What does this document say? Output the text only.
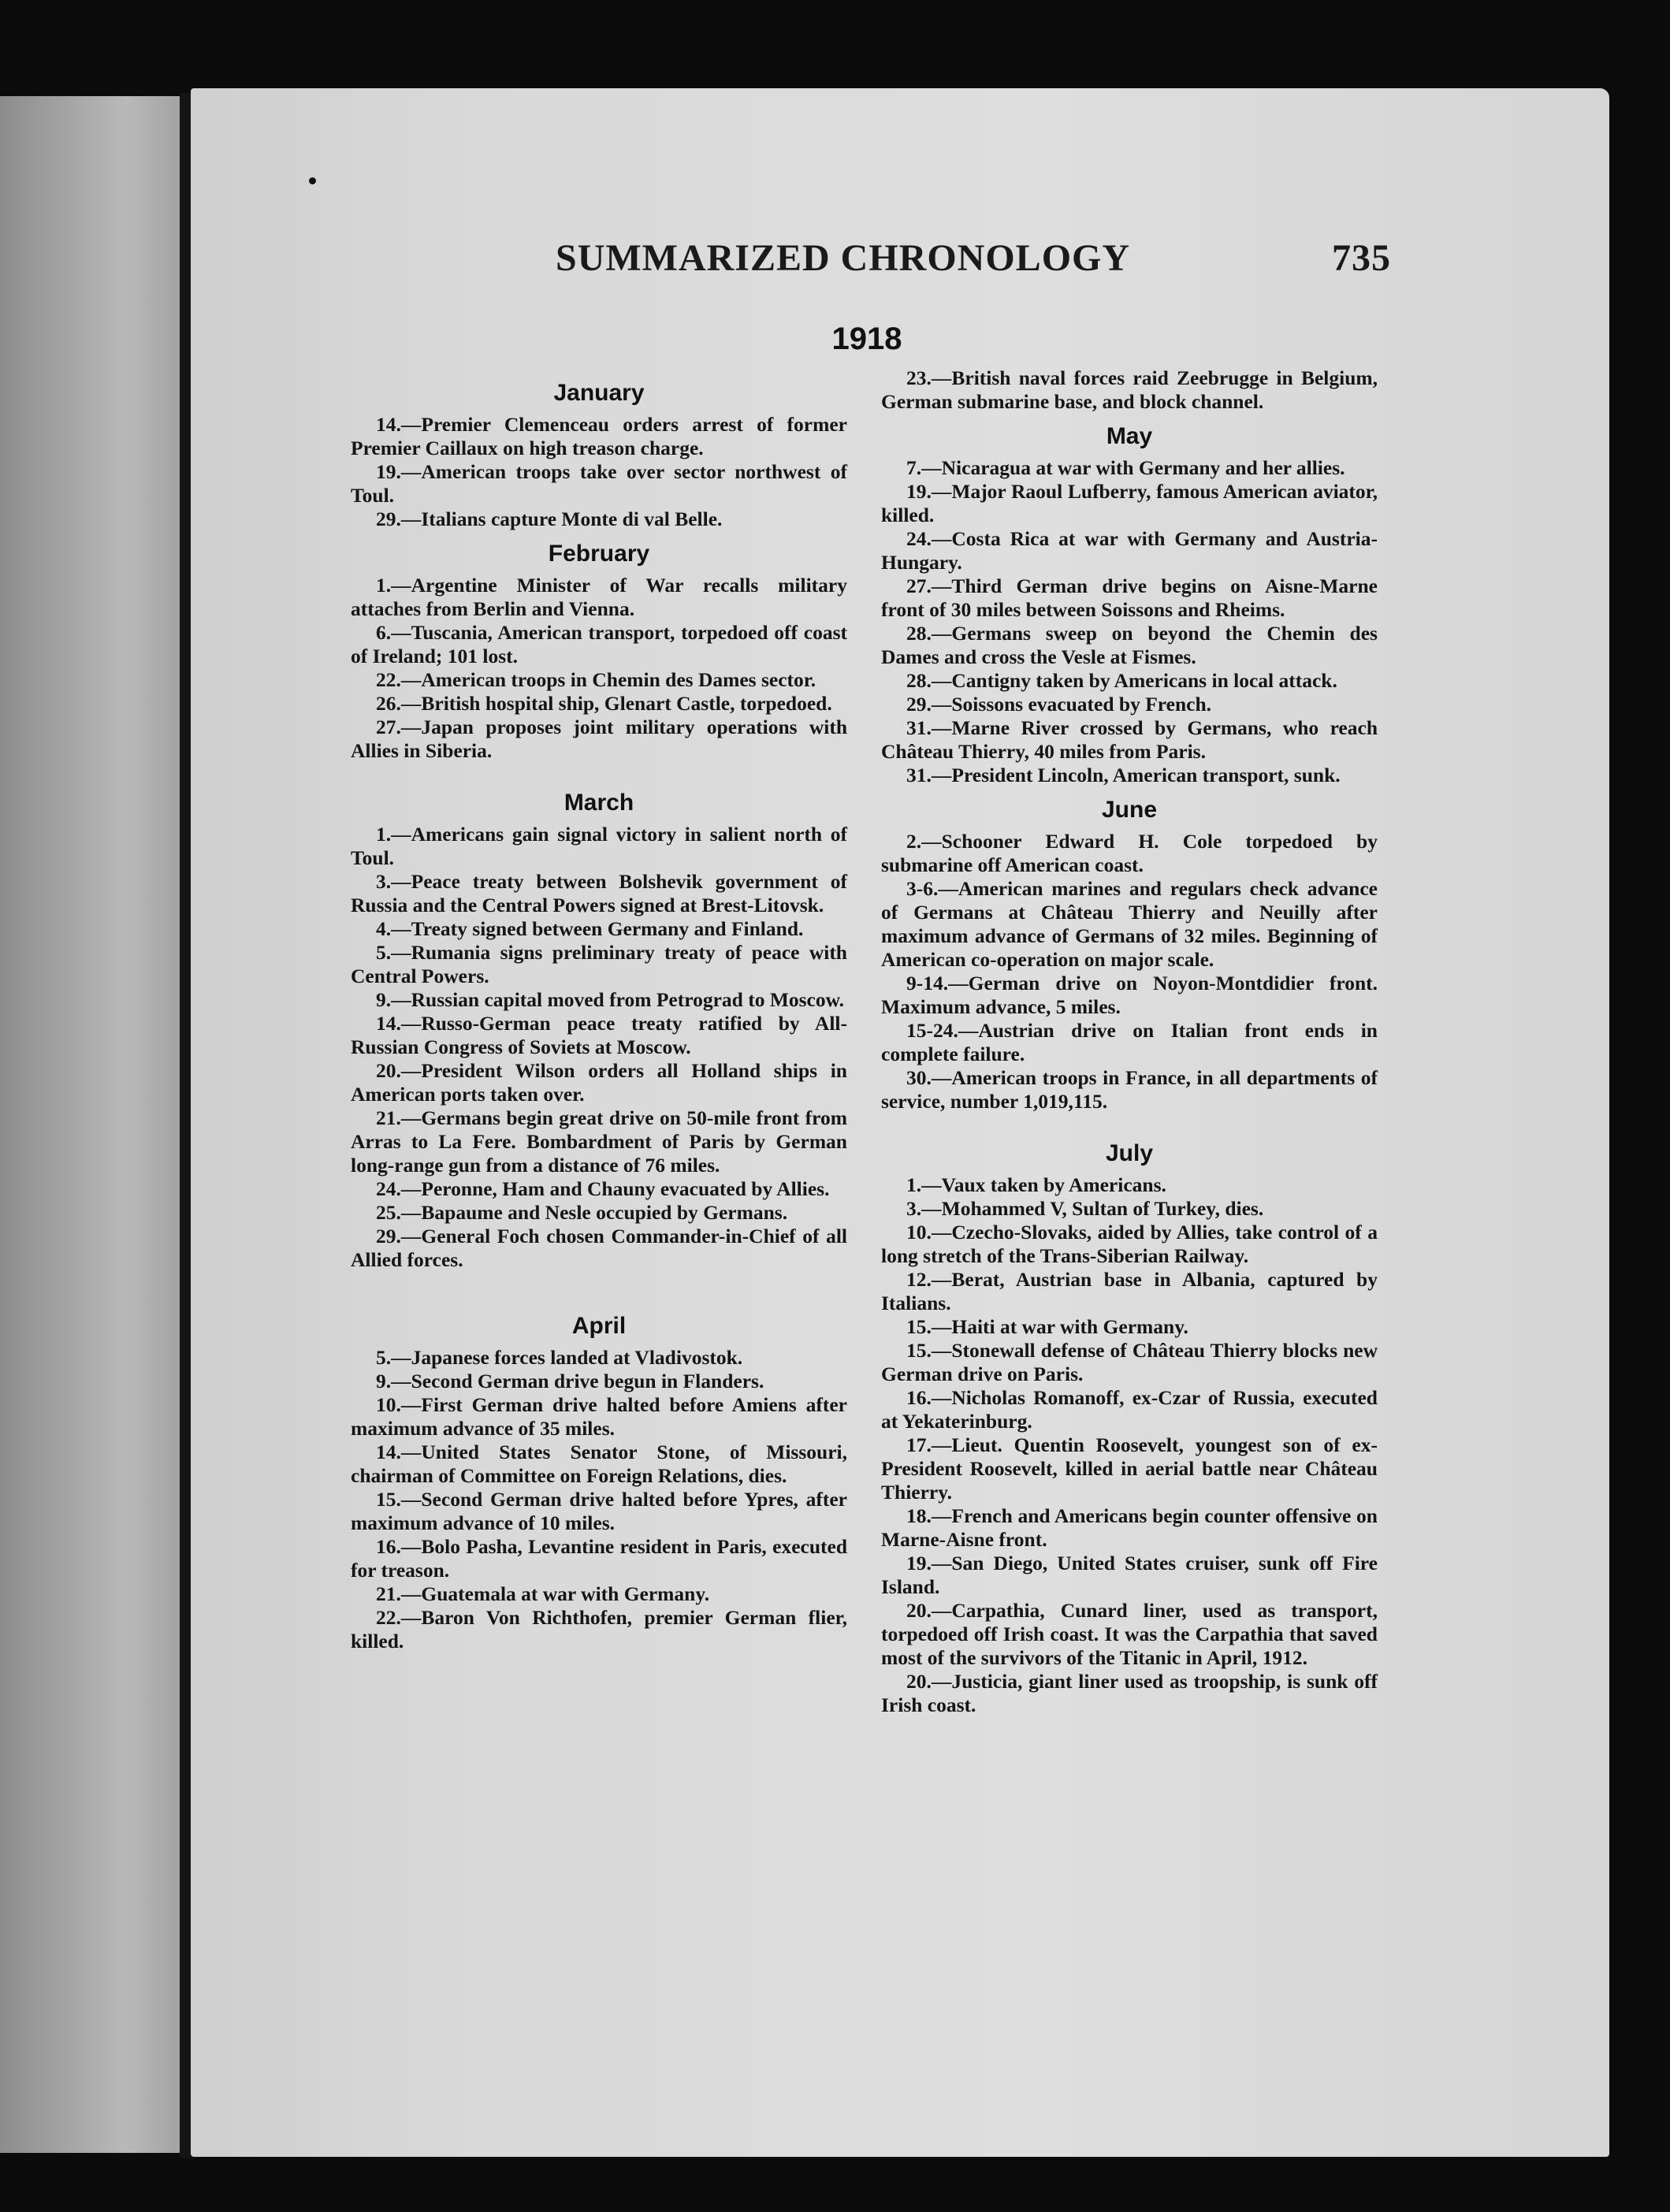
SUMMARIZED CHRONOLOGY	735
1918
January

14.—Premier Clemenceau orders arrest of former Premier Caillaux on high treason charge.

19.—American troops take over sector northwest of Toul.

29.—Italians capture Monte di val Belle.

February

1.—Argentine Minister of War recalls military attaches from Berlin and Vienna.

6.—Tuscania, American transport, torpedoed off coast of Ireland; 101 lost.

22.—American troops in Chemin des Dames sector.

26.—British hospital ship, Glenart Castle, torpedoed.

27.—Japan proposes joint military operations with Allies in Siberia.

March

1.—Americans gain signal victory in salient north of Toul.

3.—Peace treaty between Bolshevik government of Russia and the Central Powers signed at Brest-Litovsk.

4.—Treaty signed between Germany and Finland.

5.—Rumania signs preliminary treaty of peace with Central Powers.

9.—Russian capital moved from Petrograd to Moscow.

14.—Russo-German peace treaty ratified by All-Russian Congress of Soviets at Moscow.

20.—President Wilson orders all Holland ships in American ports taken over.

21.—Germans begin great drive on 50-mile front from Arras to La Fere. Bombardment of Paris by German long-range gun from a distance of 76 miles.

24.—Peronne, Ham and Chauny evacuated by Allies.

25.—Bapaume and Nesle occupied by Germans.

29.—General Foch chosen Commander-in-Chief of all Allied forces.

April

5.—Japanese forces landed at Vladivostok.

9.—Second German drive begun in Flanders.

10.—First German drive halted before Amiens after maximum advance of 35 miles.

14.—United States Senator Stone, of Missouri, chairman of Committee on Foreign Relations, dies.

15.—Second German drive halted before Ypres, after maximum advance of 10 miles.

16.—Bolo Pasha, Levantine resident in Paris, executed for treason.

21.—Guatemala at war with Germany.

22.—Baron Von Richthofen, premier German flier, killed.

23.—British naval forces raid Zeebrugge in Belgium, German submarine base, and block channel.

May

7.—Nicaragua at war with Germany and her allies.

19.—Major Raoul Lufberry, famous American aviator, killed.

24.—Costa Rica at war with Germany and Austria-Hungary.

27.—Third German drive begins on Aisne-Marne front of 30 miles between Soissons and Rheims.

28.—Germans sweep on beyond the Chemin des Dames and cross the Vesle at Fismes.

28.—Cantigny taken by Americans in local attack.

29.—Soissons evacuated by French.

31.—Marne River crossed by Germans, who reach Château Thierry, 40 miles from Paris.

31.—President Lincoln, American transport, sunk.

June

2.—Schooner Edward H. Cole torpedoed by submarine off American coast.

3-6.—American marines and regulars check advance of Germans at Château Thierry and Neuilly after maximum advance of Germans of 32 miles. Beginning of American co-operation on major scale.

9-14.—German drive on Noyon-Montdidier front. Maximum advance, 5 miles.

15-24.—Austrian drive on Italian front ends in complete failure.

30.—American troops in France, in all departments of service, number 1,019,115.

July

1.—Vaux taken by Americans.

3.—Mohammed V, Sultan of Turkey, dies.

10.—Czecho-Slovaks, aided by Allies, take control of a long stretch of the Trans-Siberian Railway.

12.—Berat, Austrian base in Albania, captured by Italians.

15.—Haiti at war with Germany.

15.—Stonewall defense of Château Thierry blocks new German drive on Paris.

16.—Nicholas Romanoff, ex-Czar of Russia, executed at Yekaterinburg.

17.—Lieut. Quentin Roosevelt, youngest son of ex-President Roosevelt, killed in aerial battle near Château Thierry.

18.—French and Americans begin counter offensive on Marne-Aisne front.

19.—San Diego, United States cruiser, sunk off Fire Island.

20.—Carpathia, Cunard liner, used as transport, torpedoed off Irish coast. It was the Carpathia that saved most of the survivors of the Titanic in April, 1912.

20.—Justicia, giant liner used as troopship, is sunk off Irish coast.
